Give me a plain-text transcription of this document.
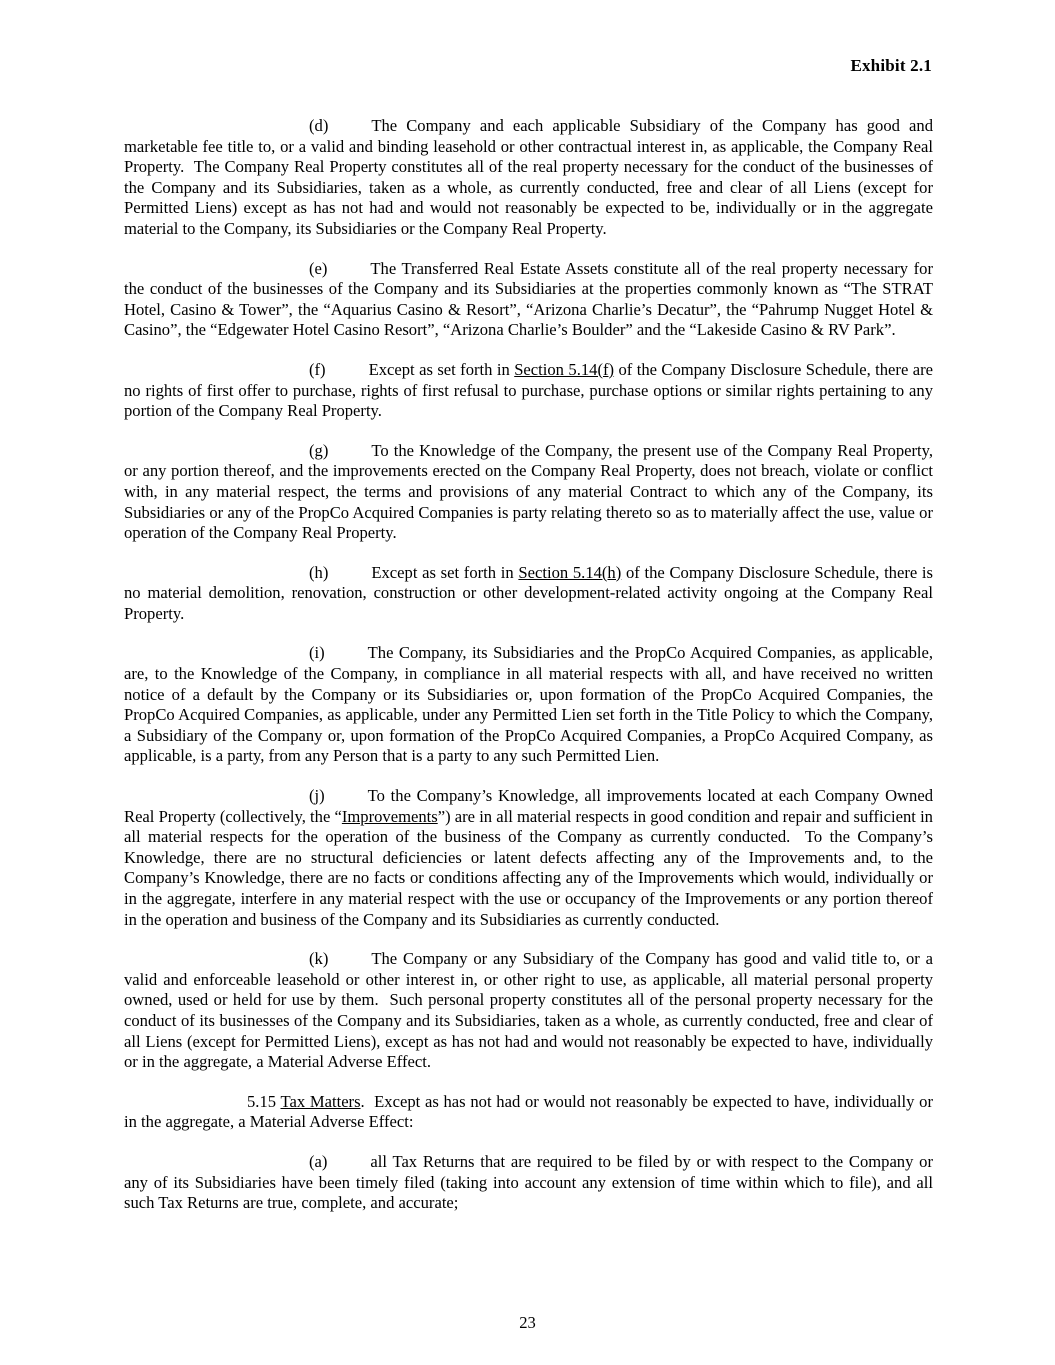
Exhibit 2.1

(d)	The Company and each applicable Subsidiary of the Company has good and marketable fee title to, or a valid and binding leasehold or other contractual interest in, as applicable, the Company Real Property.  The Company Real Property constitutes all of the real property necessary for the conduct of the businesses of the Company and its Subsidiaries, taken as a whole, as currently conducted, free and clear of all Liens (except for Permitted Liens) except as has not had and would not reasonably be expected to be, individually or in the aggregate material to the Company, its Subsidiaries or the Company Real Property.

(e)	The Transferred Real Estate Assets constitute all of the real property necessary for the conduct of the businesses of the Company and its Subsidiaries at the properties commonly known as “The STRAT Hotel, Casino & Tower”, the “Aquarius Casino & Resort”, “Arizona Charlie’s Decatur”, the “Pahrump Nugget Hotel & Casino”, the “Edgewater Hotel Casino Resort”, “Arizona Charlie’s Boulder” and the “Lakeside Casino & RV Park”.

(f)	Except as set forth in Section 5.14(f) of the Company Disclosure Schedule, there are no rights of first offer to purchase, rights of first refusal to purchase, purchase options or similar rights pertaining to any portion of the Company Real Property.

(g)	To the Knowledge of the Company, the present use of the Company Real Property, or any portion thereof, and the improvements erected on the Company Real Property, does not breach, violate or conflict with, in any material respect, the terms and provisions of any material Contract to which any of the Company, its Subsidiaries or any of the PropCo Acquired Companies is party relating thereto so as to materially affect the use, value or operation of the Company Real Property.

(h)	Except as set forth in Section 5.14(h) of the Company Disclosure Schedule, there is no material demolition, renovation, construction or other development-related activity ongoing at the Company Real Property.

(i)	The Company, its Subsidiaries and the PropCo Acquired Companies, as applicable, are, to the Knowledge of the Company, in compliance in all material respects with all, and have received no written notice of a default by the Company or its Subsidiaries or, upon formation of the PropCo Acquired Companies, the PropCo Acquired Companies, as applicable, under any Permitted Lien set forth in the Title Policy to which the Company, a Subsidiary of the Company or, upon formation of the PropCo Acquired Companies, a PropCo Acquired Company, as applicable, is a party, from any Person that is a party to any such Permitted Lien.

(j)	To the Company’s Knowledge, all improvements located at each Company Owned Real Property (collectively, the “Improvements”) are in all material respects in good condition and repair and sufficient in all material respects for the operation of the business of the Company as currently conducted.  To the Company’s Knowledge, there are no structural deficiencies or latent defects affecting any of the Improvements and, to the Company’s Knowledge, there are no facts or conditions affecting any of the Improvements which would, individually or in the aggregate, interfere in any material respect with the use or occupancy of the Improvements or any portion thereof in the operation and business of the Company and its Subsidiaries as currently conducted.

(k)	The Company or any Subsidiary of the Company has good and valid title to, or a valid and enforceable leasehold or other interest in, or other right to use, as applicable, all material personal property owned, used or held for use by them.  Such personal property constitutes all of the personal property necessary for the conduct of its businesses of the Company and its Subsidiaries, taken as a whole, as currently conducted, free and clear of all Liens (except for Permitted Liens), except as has not had and would not reasonably be expected to have, individually or in the aggregate, a Material Adverse Effect.

5.15 Tax Matters.  Except as has not had or would not reasonably be expected to have, individually or in the aggregate, a Material Adverse Effect:

(a)	all Tax Returns that are required to be filed by or with respect to the Company or any of its Subsidiaries have been timely filed (taking into account any extension of time within which to file), and all such Tax Returns are true, complete, and accurate;

23
